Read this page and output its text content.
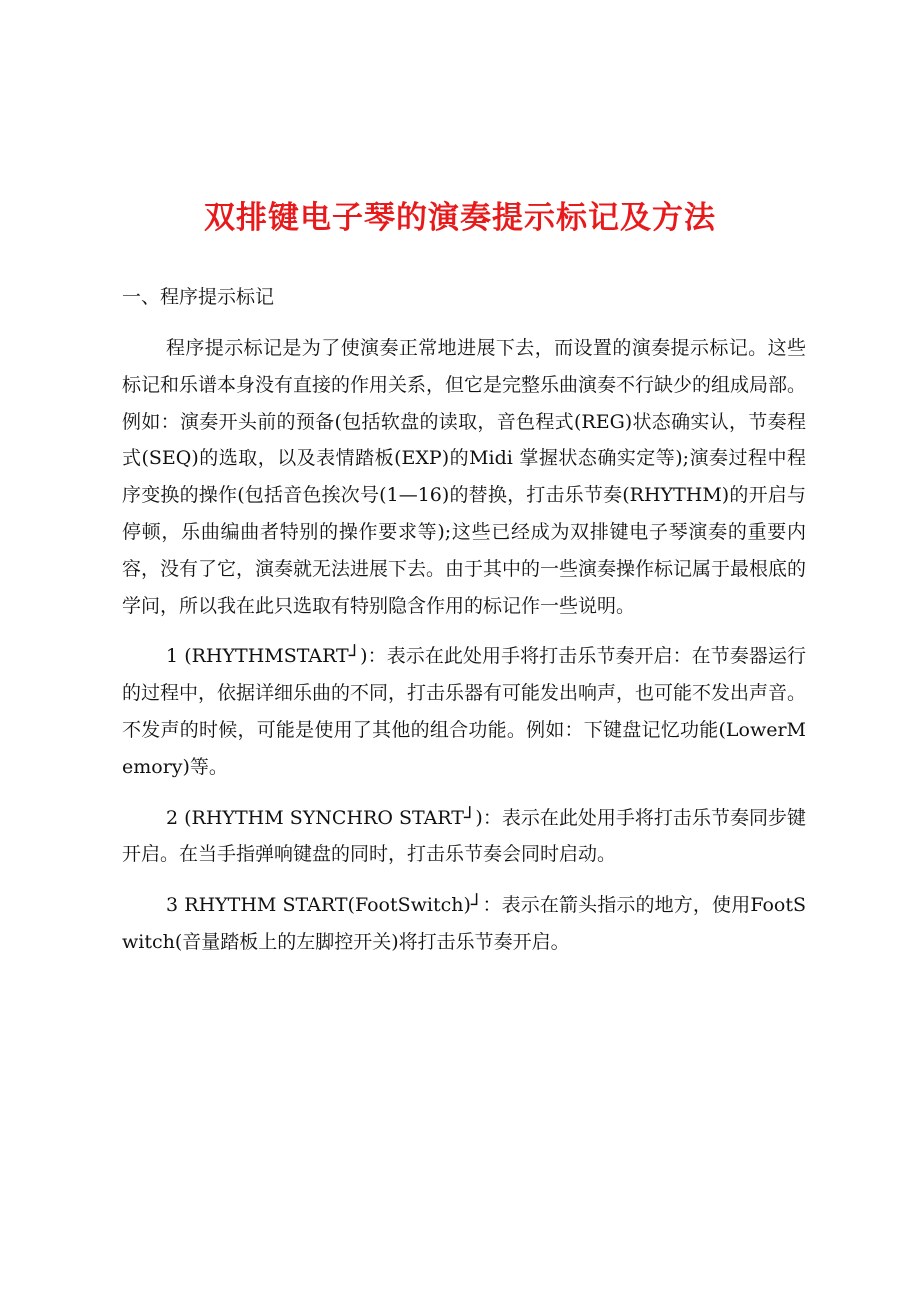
双排键电子琴的演奏提示标记及方法

一、程序提示标记

程序提示标记是为了使演奏正常地进展下去，而设置的演奏提示标记。这些标记和乐谱本身没有直接的作用关系，但它是完整乐曲演奏不行缺少的组成局部。例如：演奏开头前的预备(包括软盘的读取，音色程式(REG)状态确实认，节奏程式(SEQ)的选取，以及表情踏板(EXP)的Midi 掌握状态确实定等);演奏过程中程序变换的操作(包括音色挨次号(1—16)的替换，打击乐节奏(RHYTHM)的开启与停顿，乐曲编曲者特别的操作要求等);这些已经成为双排键电子琴演奏的重要内容，没有了它，演奏就无法进展下去。由于其中的一些演奏操作标记属于最根底的学问，所以我在此只选取有特别隐含作用的标记作一些说明。

1 (RHYTHMSTART┘)：表示在此处用手将打击乐节奏开启：在节奏器运行的过程中，依据详细乐曲的不同，打击乐器有可能发出响声，也可能不发出声音。不发声的时候，可能是使用了其他的组合功能。例如：下键盘记忆功能(LowerMemory)等。

2 (RHYTHM SYNCHRO START┘)：表示在此处用手将打击乐节奏同步键开启。在当手指弹响键盘的同时，打击乐节奏会同时启动。

3 RHYTHM START(FootSwitch)┘：表示在箭头指示的地方，使用FootSwitch(音量踏板上的左脚控开关)将打击乐节奏开启。
